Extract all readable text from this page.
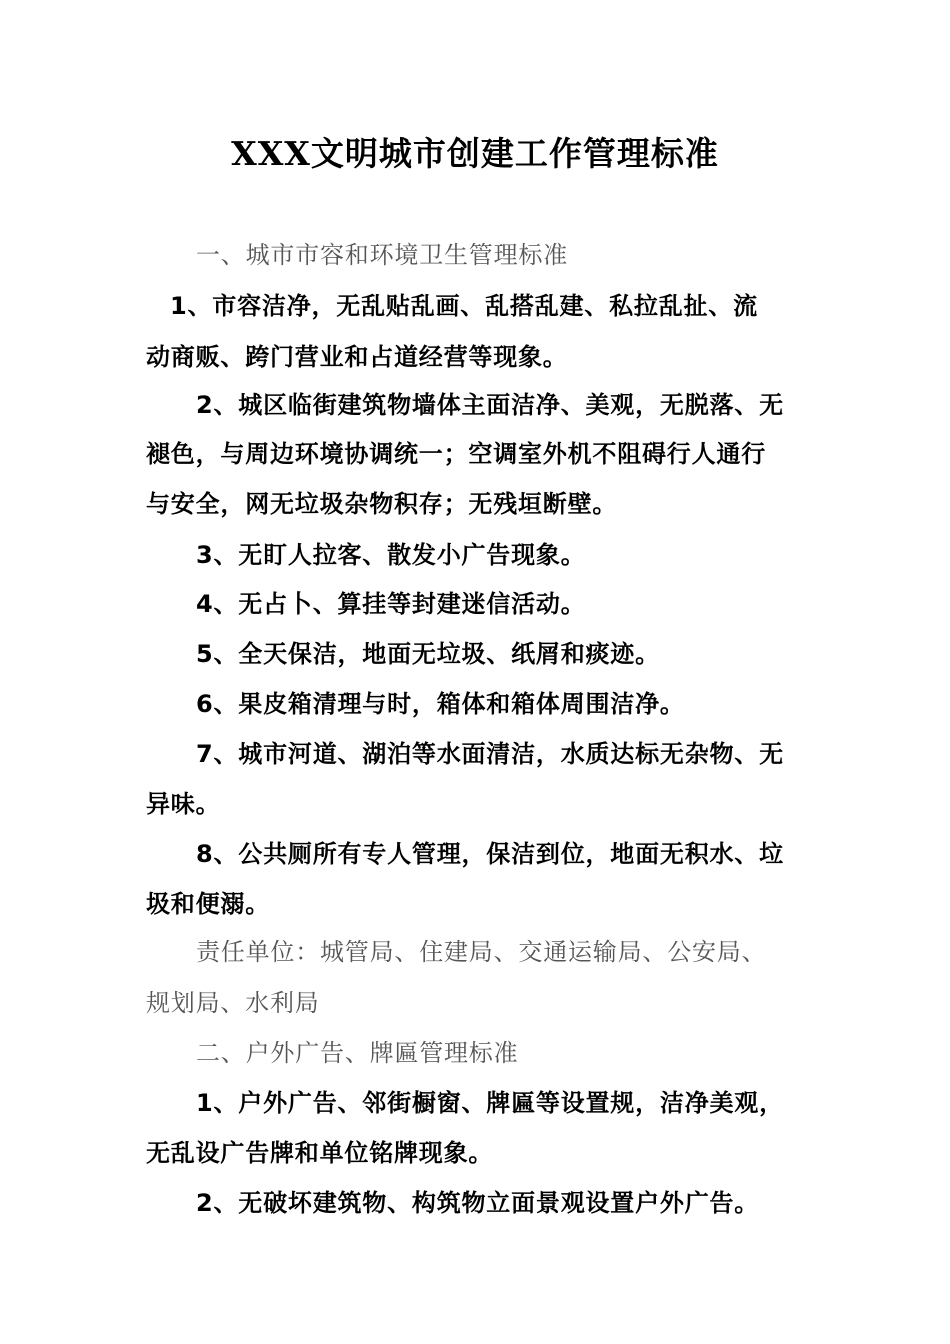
XXX文明城市创建工作管理标准
一、城市市容和环境卫生管理标准
1、市容洁净，无乱贴乱画、乱搭乱建、私拉乱扯、流
动商贩、跨门营业和占道经营等现象。
2、城区临街建筑物墙体主面洁净、美观，无脱落、无
褪色，与周边环境协调统一；空调室外机不阻碍行人通行
与安全，网无垃圾杂物积存；无残垣断壁。
3、无盯人拉客、散发小广告现象。
4、无占卜、算挂等封建迷信活动。
5、全天保洁，地面无垃圾、纸屑和痰迹。
6、果皮箱清理与时，箱体和箱体周围洁净。
7、城市河道、湖泊等水面清洁，水质达标无杂物、无
异味。
8、公共厕所有专人管理，保洁到位，地面无积水、垃
圾和便溺。
责任单位：城管局、住建局、交通运输局、公安局、
规划局、水利局
二、户外广告、牌匾管理标准
1、户外广告、邻街橱窗、牌匾等设置规，洁净美观，
无乱设广告牌和单位铭牌现象。
2、无破坏建筑物、构筑物立面景观设置户外广告。
